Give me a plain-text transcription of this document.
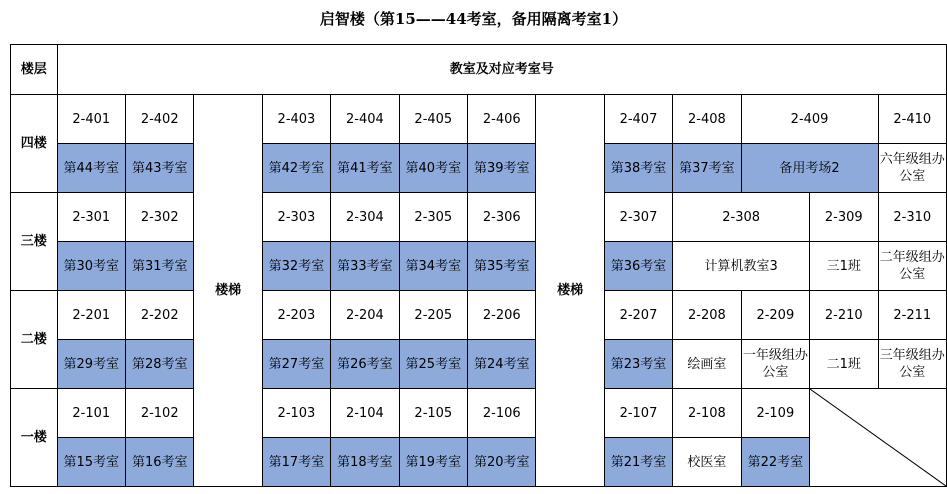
启智楼（第15——44考室，备用隔离考室1）
楼层	教室及对应考室号												
四楼	2-401	2-402	楼梯	2-403	2-404	2-405	2-406	楼梯	2-407	2-408	2-409		2-410
	第44考室	第43考室		第42考室	第41考室	第40考室	第39考室		第38考室	第37考室	备用考场2		六年级组办公室
三楼	2-301	2-302		2-303	2-304	2-305	2-306		2-307	2-308		2-309	2-310
	第30考室	第31考室		第32考室	第33考室	第34考室	第35考室		第36考室	计算机教室3		三1班	二年级组办公室
二楼	2-201	2-202		2-203	2-204	2-205	2-206		2-207	2-208	2-209	2-210	2-211
	第29考室	第28考室		第27考室	第26考室	第25考室	第24考室		第23考室	绘画室	一年级组办公室	二1班	三年级组办公室
一楼	2-101	2-102		2-103	2-104	2-105	2-106		2-107	2-108	2-109	

	第15考室	第16考室		第17考室	第18考室	第19考室	第20考室		第21考室	校医室	第22考室		
